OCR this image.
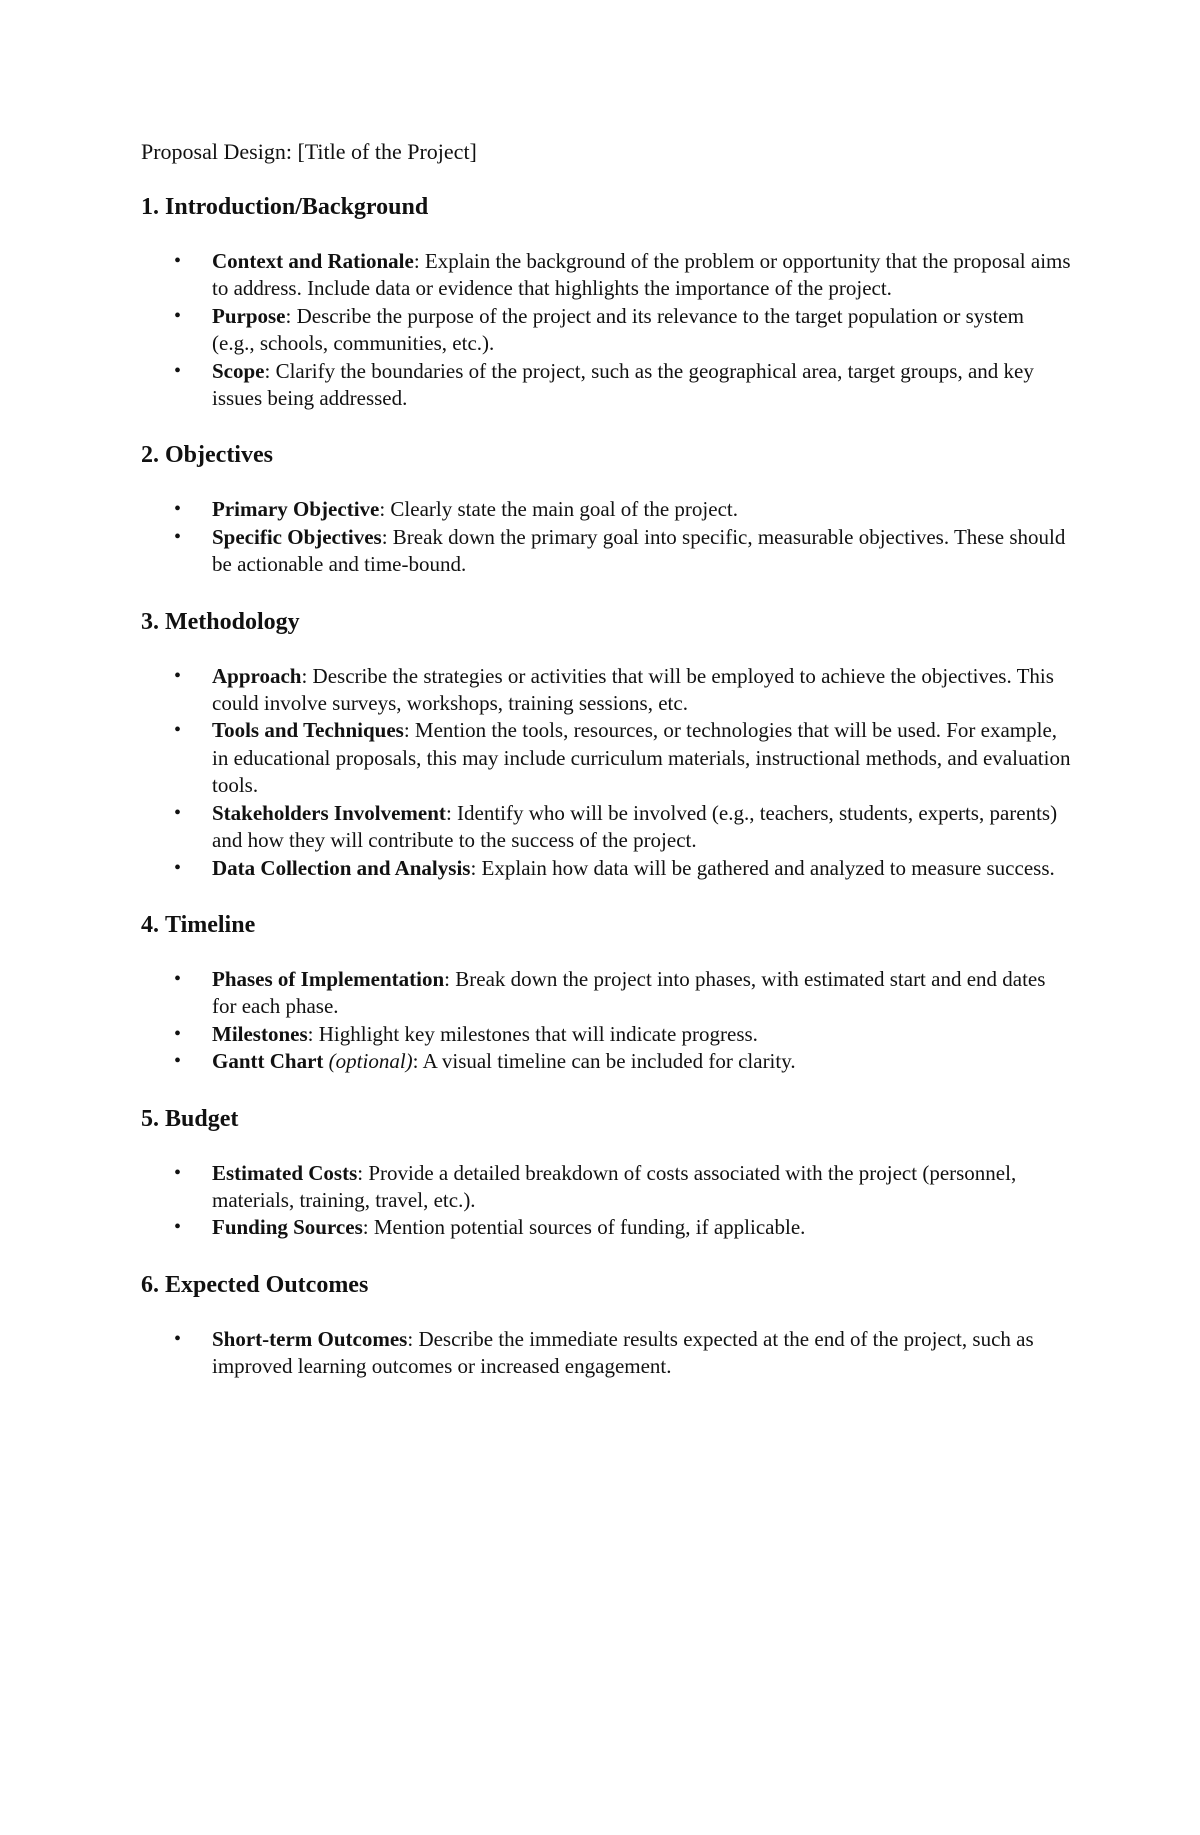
Proposal Design: [Title of the Project]
1. Introduction/Background
• Context and Rationale: Explain the background of the problem or opportunity that the proposal aims to address. Include data or evidence that highlights the importance of the project.
• Purpose: Describe the purpose of the project and its relevance to the target population or system (e.g., schools, communities, etc.).
• Scope: Clarify the boundaries of the project, such as the geographical area, target groups, and key issues being addressed.
2. Objectives
• Primary Objective: Clearly state the main goal of the project.
• Specific Objectives: Break down the primary goal into specific, measurable objectives. These should be actionable and time-bound.
3. Methodology
• Approach: Describe the strategies or activities that will be employed to achieve the objectives. This could involve surveys, workshops, training sessions, etc.
• Tools and Techniques: Mention the tools, resources, or technologies that will be used. For example, in educational proposals, this may include curriculum materials, instructional methods, and evaluation tools.
• Stakeholders Involvement: Identify who will be involved (e.g., teachers, students, experts, parents) and how they will contribute to the success of the project.
• Data Collection and Analysis: Explain how data will be gathered and analyzed to measure success.
4. Timeline
• Phases of Implementation: Break down the project into phases, with estimated start and end dates for each phase.
• Milestones: Highlight key milestones that will indicate progress.
• Gantt Chart (optional): A visual timeline can be included for clarity.
5. Budget
• Estimated Costs: Provide a detailed breakdown of costs associated with the project (personnel, materials, training, travel, etc.).
• Funding Sources: Mention potential sources of funding, if applicable.
6. Expected Outcomes
• Short-term Outcomes: Describe the immediate results expected at the end of the project, such as improved learning outcomes or increased engagement.
